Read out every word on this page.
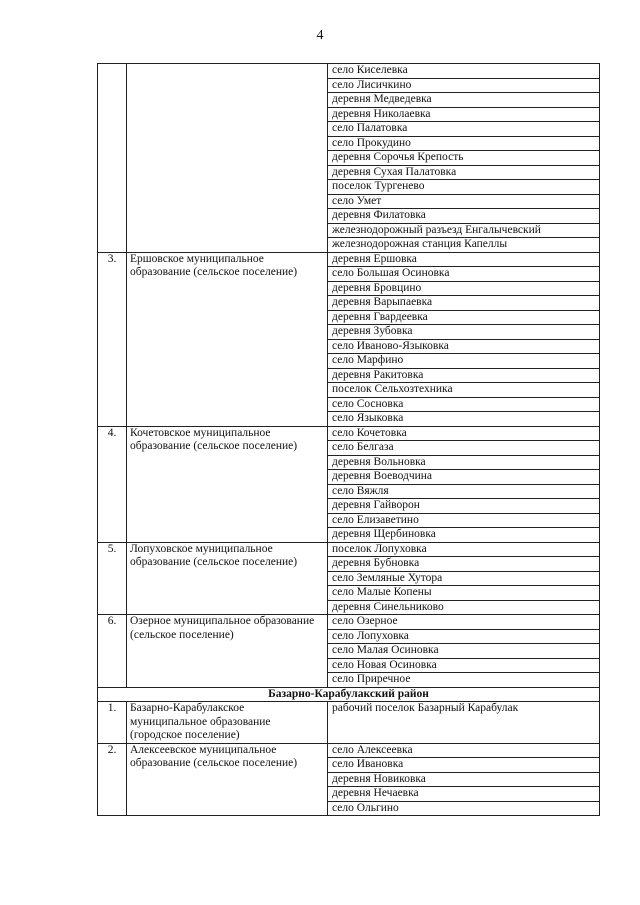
4
		село Киселевка
		село Лисичкино
		деревня Медведевка
		деревня Николаевка
		село Палатовка
		село Прокудино
		деревня Сорочья Крепость
		деревня Сухая Палатовка
		поселок Тургенево
		село Умет
		деревня Филатовка
		железнодорожный разъезд Енгалычевский
		железнодорожная станция Капеллы
3.	Ершовское муниципальное образование (сельское поселение)	деревня Ершовка
		село Большая Осиновка
		деревня Бровцино
		деревня Варыпаевка
		деревня Гвардеевка
		деревня Зубовка
		село Иваново-Языковка
		село Марфино
		деревня Ракитовка
		поселок Сельхозтехника
		село Сосновка
		село Языковка
4.	Кочетовское муниципальное образование (сельское поселение)	село Кочетовка
		село Белгаза
		деревня Вольновка
		деревня Воеводчина
		село Вяжля
		деревня Гайворон
		село Елизаветино
		деревня Щербиновка
5.	Лопуховское муниципальное образование (сельское поселение)	поселок Лопуховка
		деревня Бубновка
		село Земляные Хутора
		село Малые Копены
		деревня Синельниково
6.	Озерное муниципальное образование (сельское поселение)	село Озерное
		село Лопуховка
		село Малая Осиновка
		село Новая Осиновка
		село Приречное
Базарно-Карабулакский район		
1.	Базарно-Карабулакское муниципальное образование (городское поселение)	рабочий поселок Базарный Карабулак
2.	Алексеевское муниципальное образование (сельское поселение)	село Алексеевка
		село Ивановка
		деревня Новиковка
		деревня Нечаевка
		село Ольгино
